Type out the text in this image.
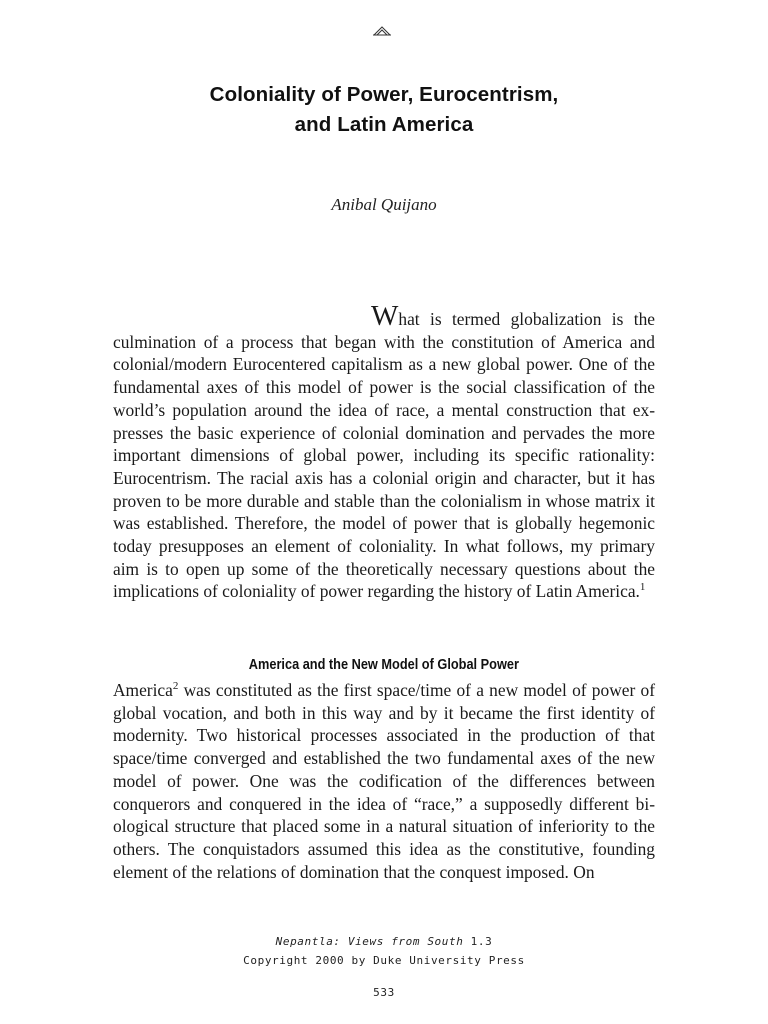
Coloniality of Power, Eurocentrism,
and Latin America
Anibal Quijano
What is termed globalization is the culmination of a process that began with the constitution of America and colonial/modern Eurocentered capitalism as a new global power. One of the fundamental axes of this model of power is the social classification of the world’s population around the idea of race, a mental construction that expresses the basic experience of colonial domination and pervades the more important dimensions of global power, including its specific rationality: Eurocentrism. The racial axis has a colonial origin and character, but it has proven to be more durable and stable than the colonialism in whose matrix it was established. Therefore, the model of power that is globally hegemonic today presupposes an element of coloniality. In what follows, my primary aim is to open up some of the theoretically necessary questions about the implications of coloniality of power regarding the history of Latin America.$^1$
America and the New Model of Global Power
America$^2$ was constituted as the first space/time of a new model of power of global vocation, and both in this way and by it became the first identity of modernity. Two historical processes associated in the production of that space/time converged and established the two fundamental axes of the new model of power. One was the codification of the differences between conquerors and conquered in the idea of “race,” a supposedly different biological structure that placed some in a natural situation of inferiority to the others. The conquistadors assumed this idea as the constitutive, founding element of the relations of domination that the conquest imposed. On
Nepantla: Views from South 1.3
Copyright 2000 by Duke University Press
533
